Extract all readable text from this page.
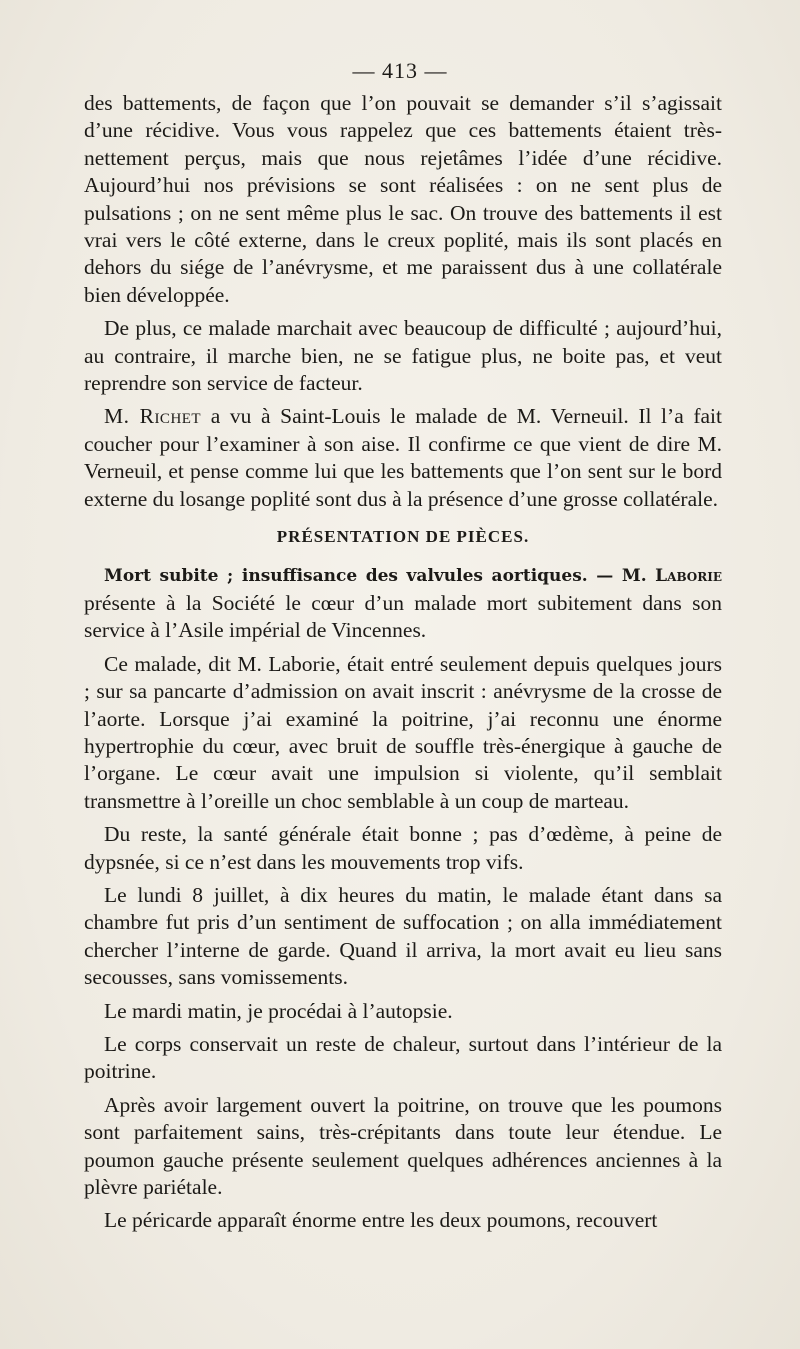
— 413 —

des battements, de façon que l’on pouvait se demander s’il s’agissait d’une récidive. Vous vous rappelez que ces battements étaient très-nettement perçus, mais que nous rejetâmes l’idée d’une récidive. Aujourd’hui nos prévisions se sont réalisées : on ne sent plus de pulsations ; on ne sent même plus le sac. On trouve des battements il est vrai vers le côté externe, dans le creux poplité, mais ils sont placés en dehors du siége de l’anévrysme, et me paraissent dus à une collatérale bien développée.

De plus, ce malade marchait avec beaucoup de difficulté ; aujourd’hui, au contraire, il marche bien, ne se fatigue plus, ne boite pas, et veut reprendre son service de facteur.

M. Richet a vu à Saint-Louis le malade de M. Verneuil. Il l’a fait coucher pour l’examiner à son aise. Il confirme ce que vient de dire M. Verneuil, et pense comme lui que les battements que l’on sent sur le bord externe du losange poplité sont dus à la présence d’une grosse collatérale.

PRÉSENTATION DE PIÈCES.

Mort subite ; insuffisance des valvules aortiques. — M. Laborie présente à la Société le cœur d’un malade mort subitement dans son service à l’Asile impérial de Vincennes.

Ce malade, dit M. Laborie, était entré seulement depuis quelques jours ; sur sa pancarte d’admission on avait inscrit : anévrysme de la crosse de l’aorte. Lorsque j’ai examiné la poitrine, j’ai reconnu une énorme hypertrophie du cœur, avec bruit de souffle très-énergique à gauche de l’organe. Le cœur avait une impulsion si violente, qu’il semblait transmettre à l’oreille un choc semblable à un coup de marteau.

Du reste, la santé générale était bonne ; pas d’œdème, à peine de dypsnée, si ce n’est dans les mouvements trop vifs.

Le lundi 8 juillet, à dix heures du matin, le malade étant dans sa chambre fut pris d’un sentiment de suffocation ; on alla immédiatement chercher l’interne de garde. Quand il arriva, la mort avait eu lieu sans secousses, sans vomissements.

Le mardi matin, je procédai à l’autopsie.

Le corps conservait un reste de chaleur, surtout dans l’intérieur de la poitrine.

Après avoir largement ouvert la poitrine, on trouve que les poumons sont parfaitement sains, très-crépitants dans toute leur étendue. Le poumon gauche présente seulement quelques adhérences anciennes à la plèvre pariétale.

Le péricarde apparaît énorme entre les deux poumons, recouvert
